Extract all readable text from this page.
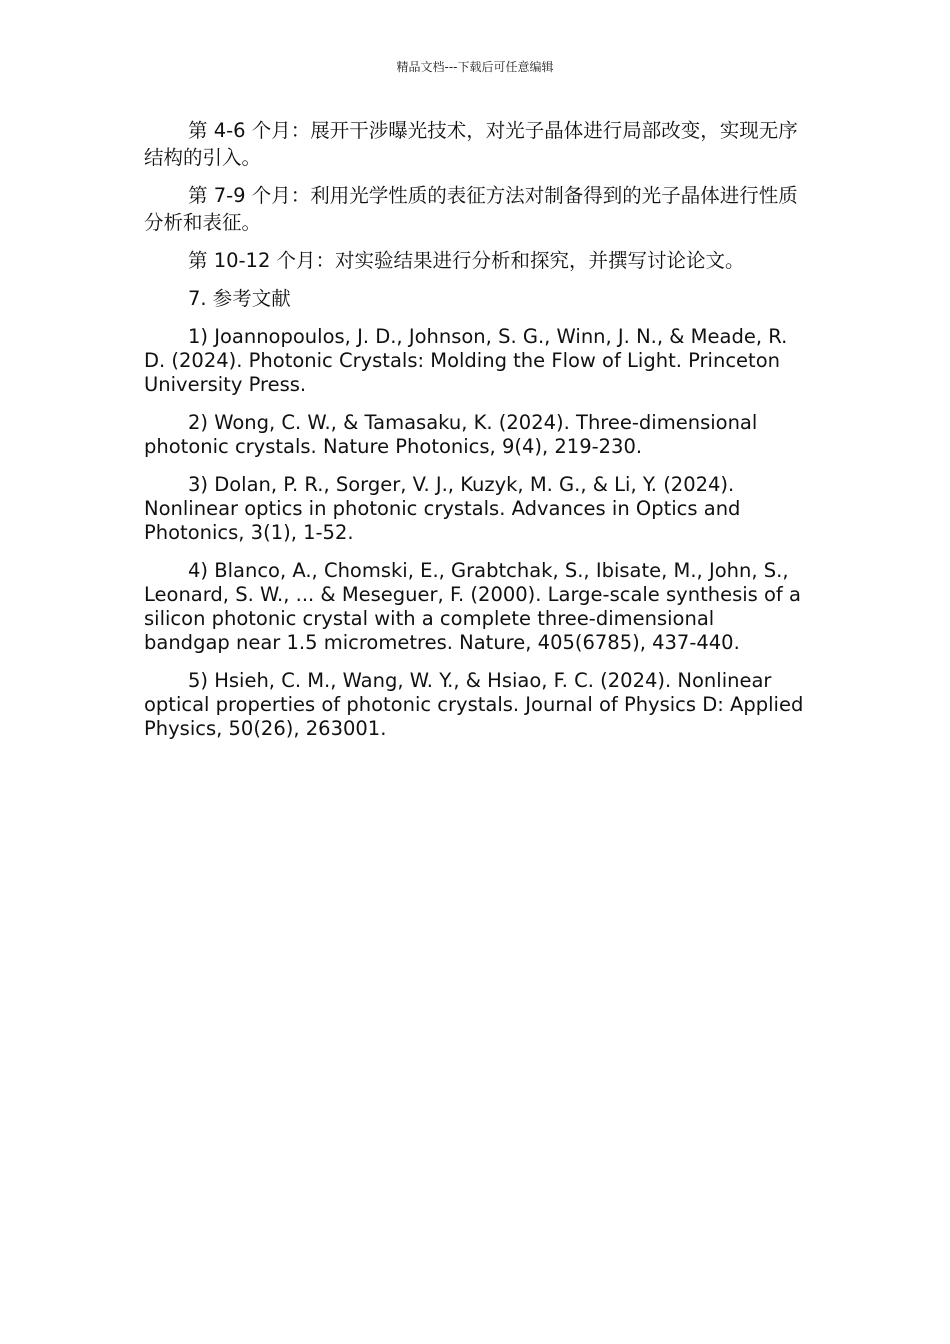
精品文档---下载后可任意编辑

第 4-6 个月：展开干涉曝光技术，对光子晶体进行局部改变，实现无序结构的引入。

第 7-9 个月：利用光学性质的表征方法对制备得到的光子晶体进行性质分析和表征。

第 10-12 个月：对实验结果进行分析和探究，并撰写讨论论文。

7. 参考文献

1) Joannopoulos, J. D., Johnson, S. G., Winn, J. N., & Meade, R. D. (2024). Photonic Crystals: Molding the Flow of Light. Princeton University Press.

2) Wong, C. W., & Tamasaku, K. (2024). Three-dimensional photonic crystals. Nature Photonics, 9(4), 219-230.

3) Dolan, P. R., Sorger, V. J., Kuzyk, M. G., & Li, Y. (2024). Nonlinear optics in photonic crystals. Advances in Optics and Photonics, 3(1), 1-52.

4) Blanco, A., Chomski, E., Grabtchak, S., Ibisate, M., John, S., Leonard, S. W., ... & Meseguer, F. (2000). Large-scale synthesis of a silicon photonic crystal with a complete three-dimensional bandgap near 1.5 micrometres. Nature, 405(6785), 437-440.

5) Hsieh, C. M., Wang, W. Y., & Hsiao, F. C. (2024). Nonlinear optical properties of photonic crystals. Journal of Physics D: Applied Physics, 50(26), 263001.
